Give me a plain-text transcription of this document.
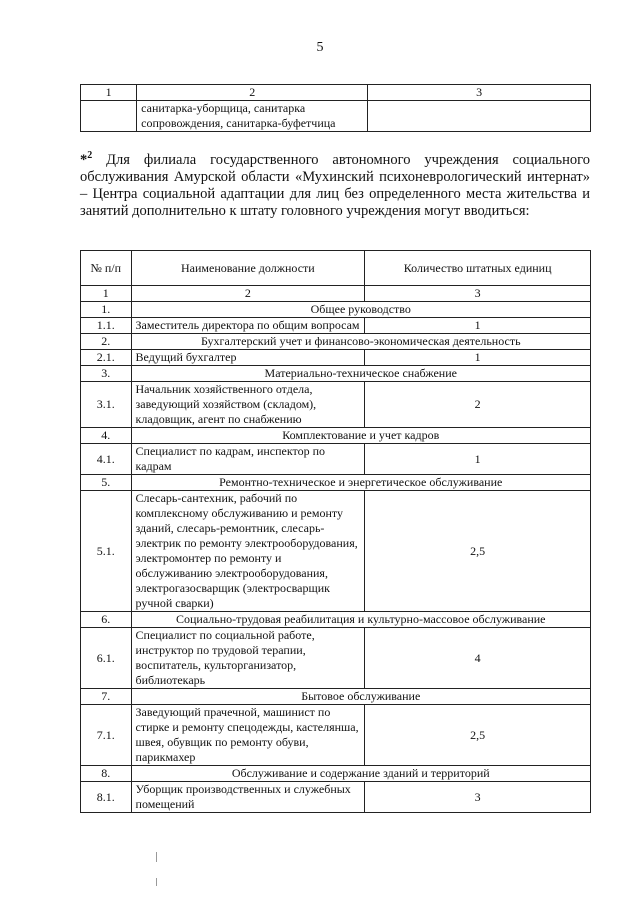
5
1	2	3
	санитарка-уборщица, санитарка сопровождения, санитарка-буфетчица	
*$^2$ Для филиала государственного автономного учреждения социального обслуживания Амурской области «Мухинский психоневрологический интернат» – Центра социальной адаптации для лиц без определенного места жительства и занятий дополнительно к штату головного учреждения могут вводиться:
№ п/п	Наименование должности	Количество штатных единиц
1	2	3
1.	Общее руководство	
1.1.	Заместитель директора по общим вопросам	1
2.	Бухгалтерский учет и финансово-экономическая деятельность	
2.1.	Ведущий бухгалтер	1
3.	Материально-техническое снабжение	
3.1.	Начальник хозяйственного отдела, заведующий хозяйством (складом), кладовщик, агент по снабжению	2
4.	Комплектование и учет кадров	
4.1.	Специалист по кадрам, инспектор по кадрам	1
5.	Ремонтно-техническое и энергетическое обслуживание	
5.1.	Слесарь-сантехник, рабочий по комплексному обслуживанию и ремонту зданий, слесарь-ремонтник, слесарь-электрик по ремонту электрооборудования, электромонтер по ремонту и обслуживанию электрооборудования, электрогазосварщик (электросварщик ручной сварки)	2,5
6.	Социально-трудовая реабилитация и культурно-массовое обслуживание	
6.1.	Специалист по социальной работе, инструктор по трудовой терапии, воспитатель, культорганизатор, библиотекарь	4
7.	Бытовое обслуживание	
7.1.	Заведующий прачечной, машинист по стирке и ремонту спецодежды, кастелянша, швея, обувщик по ремонту обуви, парикмахер	2,5
8.	Обслуживание и содержание зданий и территорий	
8.1.	Уборщик производственных и служебных помещений	3
